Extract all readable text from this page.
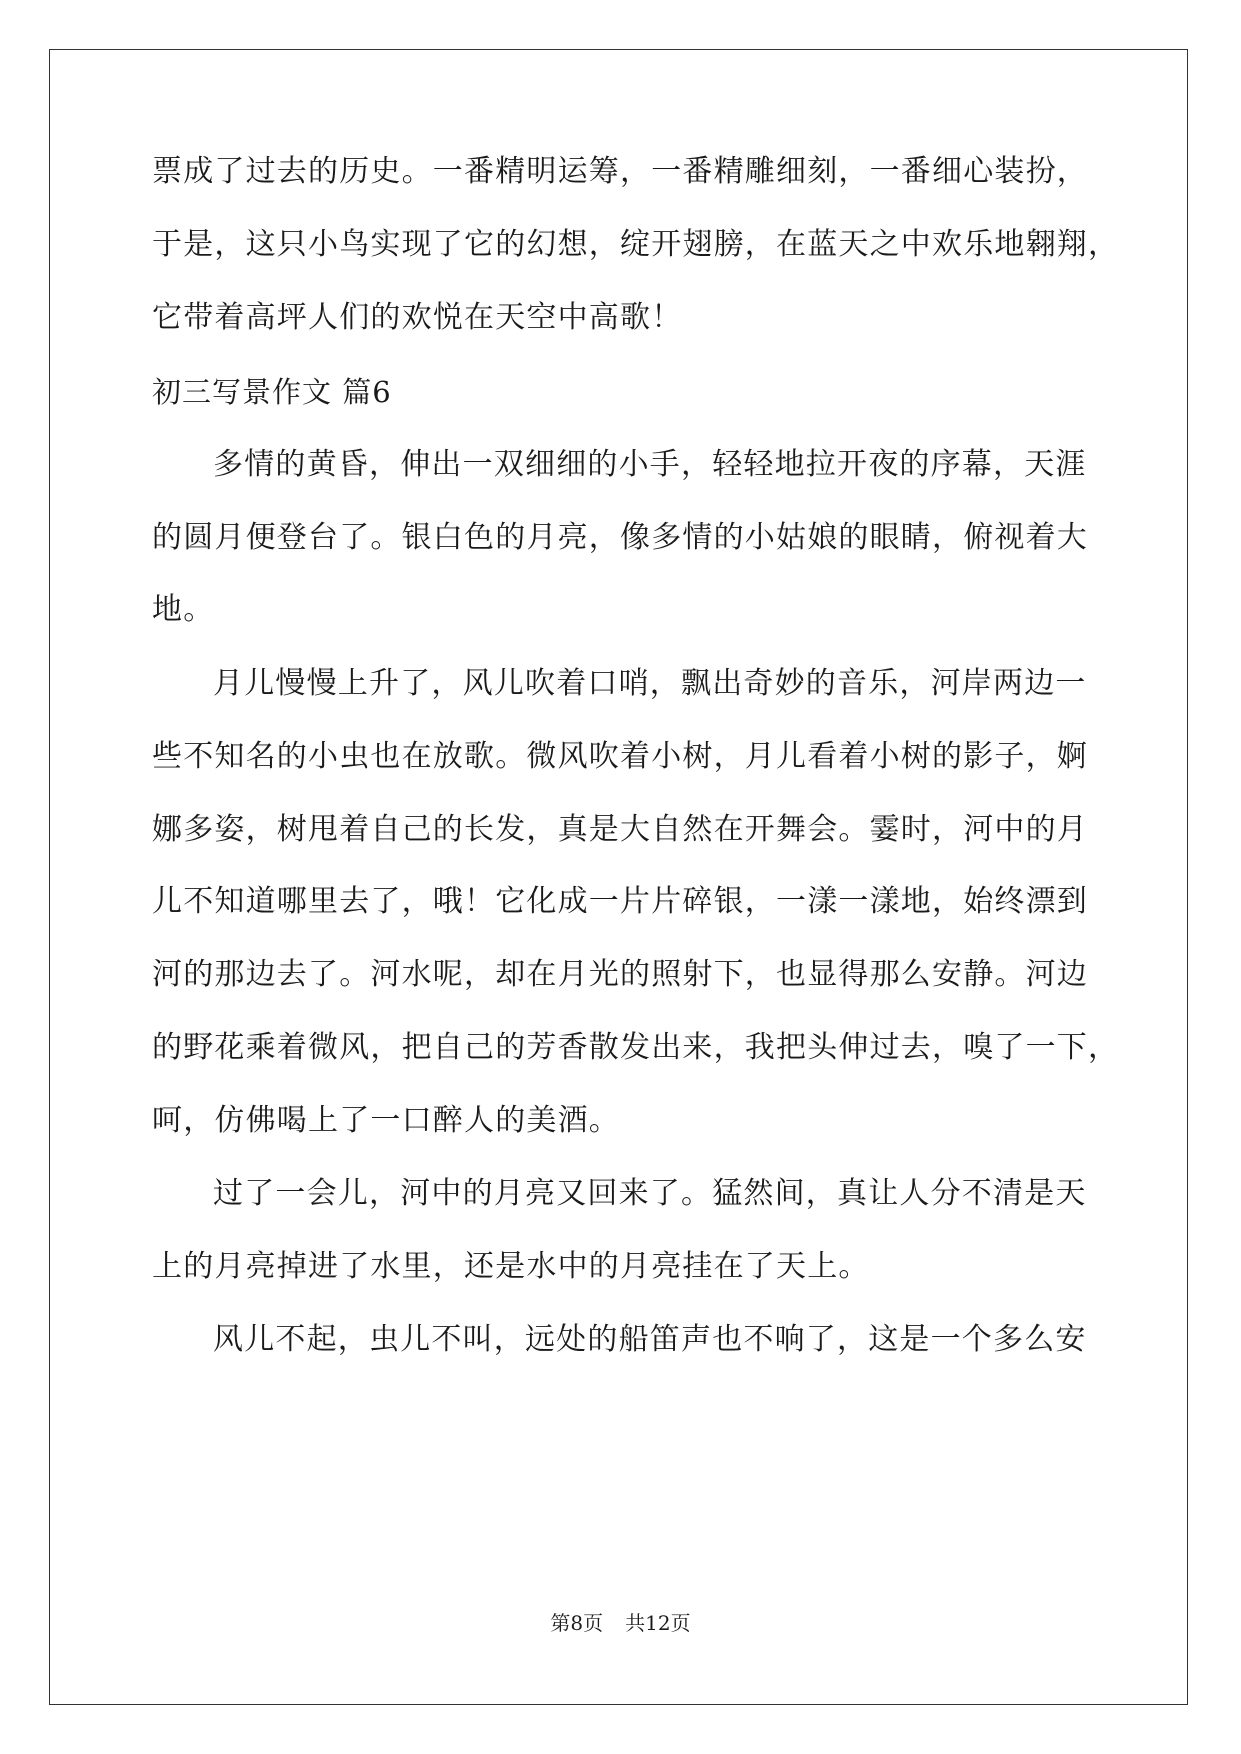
票成了过去的历史。一番精明运筹，一番精雕细刻，一番细心装扮，
于是，这只小鸟实现了它的幻想，绽开翅膀，在蓝天之中欢乐地翱翔，
它带着高坪人们的欢悦在天空中高歌！
初三写景作文 篇6
多情的黄昏，伸出一双细细的小手，轻轻地拉开夜的序幕，天涯
的圆月便登台了。银白色的月亮，像多情的小姑娘的眼睛，俯视着大
地。
月儿慢慢上升了，风儿吹着口哨，飘出奇妙的音乐，河岸两边一
些不知名的小虫也在放歌。微风吹着小树，月儿看着小树的影子，婀
娜多姿，树甩着自己的长发，真是大自然在开舞会。霎时，河中的月
儿不知道哪里去了，哦！它化成一片片碎银，一漾一漾地，始终漂到
河的那边去了。河水呢，却在月光的照射下，也显得那么安静。河边
的野花乘着微风，把自己的芳香散发出来，我把头伸过去，嗅了一下，
呵，仿佛喝上了一口醉人的美酒。
过了一会儿，河中的月亮又回来了。猛然间，真让人分不清是天
上的月亮掉进了水里，还是水中的月亮挂在了天上。
风儿不起，虫儿不叫，远处的船笛声也不响了，这是一个多么安
第8页 共12页
